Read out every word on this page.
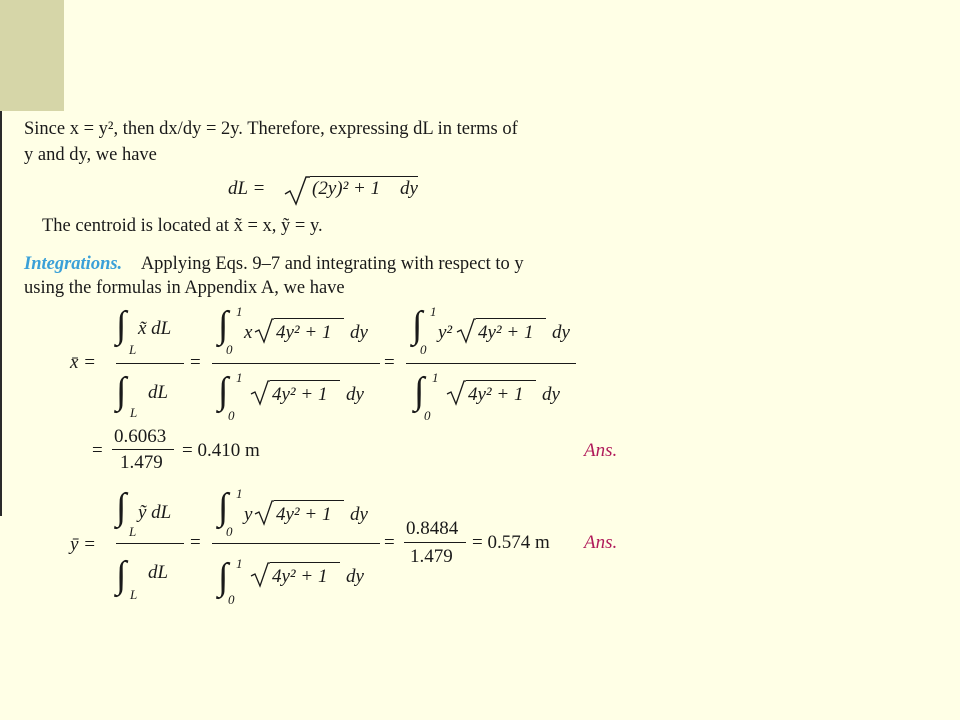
Since x = y², then dx/dy = 2y. Therefore, expressing dL in terms of
y and dy, we have
dL = (2y)² + 1 dy
The centroid is located at x̃ = x, ỹ = y.
Integrations. Applying Eqs. 9–7 and integrating with respect to y
using the formulas in Appendix A, we have
x̄ =
∫
L
x̃ dL
∫
L
dL
=
∫ 1
0
x 4y² + 1 dy
∫ 1
0
4y² + 1 dy
=
∫ 1
0
y² 4y² + 1 dy
∫ 1
0
4y² + 1 dy
=
0.6063
1.479
= 0.410 m	Ans.
ȳ =
∫
L
ỹ dL
∫ L
dL
=
∫ 1
0
y 4y² + 1 dy
∫ 1
0
4y² + 1 dy
=
0.8484
1.479
= 0.574 m Ans.
